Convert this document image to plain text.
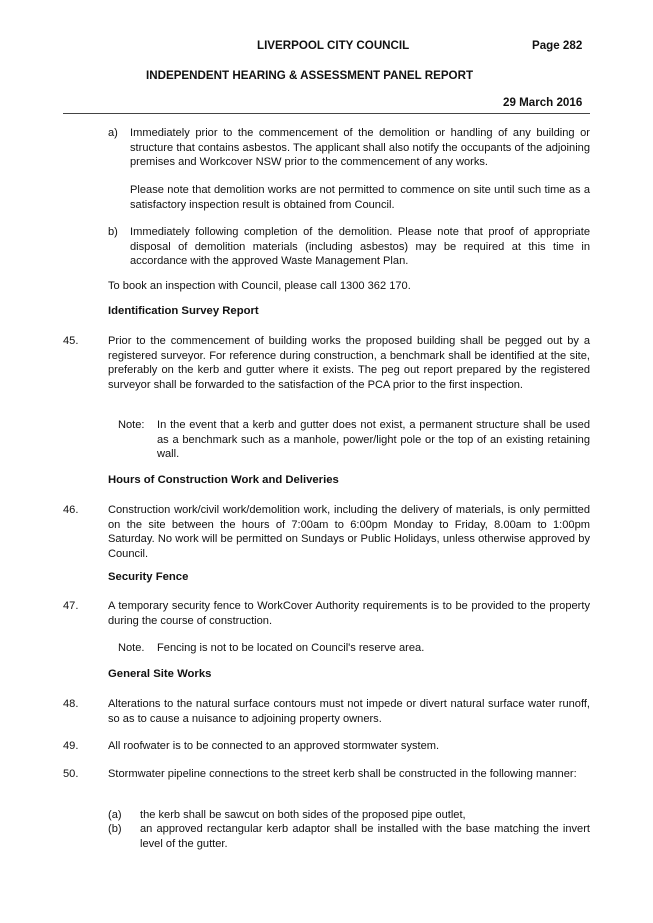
LIVERPOOL CITY COUNCIL	Page 282
INDEPENDENT HEARING & ASSESSMENT PANEL REPORT
29 March 2016
a) Immediately prior to the commencement of the demolition or handling of any building or structure that contains asbestos. The applicant shall also notify the occupants of the adjoining premises and Workcover NSW prior to the commencement of any works.

Please note that demolition works are not permitted to commence on site until such time as a satisfactory inspection result is obtained from Council.

b) Immediately following completion of the demolition. Please note that proof of appropriate disposal of demolition materials (including asbestos) may be required at this time in accordance with the approved Waste Management Plan.

To book an inspection with Council, please call 1300 362 170.

Identification Survey Report
45.	Prior to the commencement of building works the proposed building shall be pegged out by a registered surveyor. For reference during construction, a benchmark shall be identified at the site, preferably on the kerb and gutter where it exists. The peg out report prepared by the registered surveyor shall be forwarded to the satisfaction of the PCA prior to the first inspection.

Note: In the event that a kerb and gutter does not exist, a permanent structure shall be used as a benchmark such as a manhole, power/light pole or the top of an existing retaining wall.

Hours of Construction Work and Deliveries
46.	Construction work/civil work/demolition work, including the delivery of materials, is only permitted on the site between the hours of 7:00am to 6:00pm Monday to Friday, 8.00am to 1:00pm Saturday. No work will be permitted on Sundays or Public Holidays, unless otherwise approved by Council.

Security Fence
47.	A temporary security fence to WorkCover Authority requirements is to be provided to the property during the course of construction.

Note. Fencing is not to be located on Council's reserve area.

General Site Works
48.	Alterations to the natural surface contours must not impede or divert natural surface water runoff, so as to cause a nuisance to adjoining property owners.

49.	All roofwater is to be connected to an approved stormwater system.

50.	Stormwater pipeline connections to the street kerb shall be constructed in the following manner:

(a) the kerb shall be sawcut on both sides of the proposed pipe outlet,

(b) an approved rectangular kerb adaptor shall be installed with the base matching the invert level of the gutter.
